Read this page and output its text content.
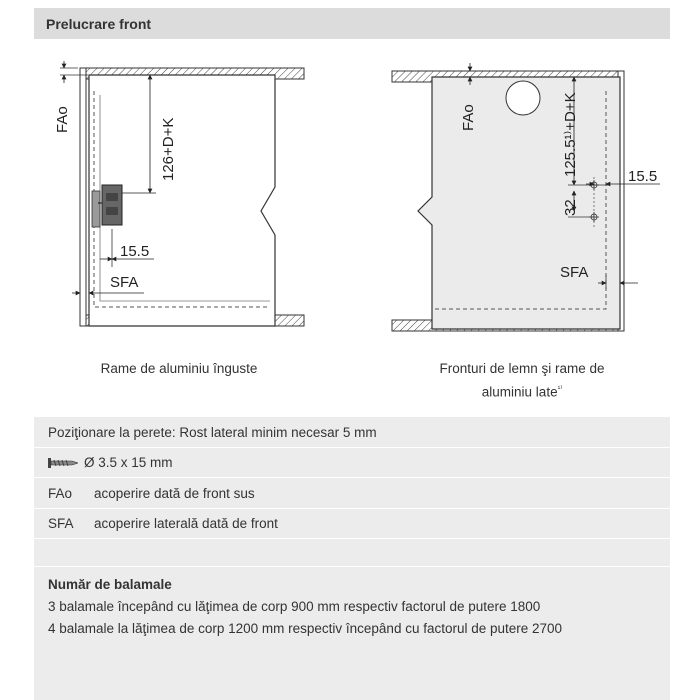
Prelucrare front
FAo	126+D+K
15.5
SFA
FAo	125.5¹⁾+D+K
32
15.5
SFA
Rame de aluminiu înguste	Fronturi de lemn şi rame de
aluminiu late$^{^{1)}}$
Poziţionare la perete: Rost lateral minim necesar 5 mm
Ø 3.5 x 15 mm
FAo acoperire dată de front sus
SFA acoperire laterală dată de front
Număr de balamale
3 balamale începând cu lăţimea de corp 900 mm respectiv factorul de putere 1800
4 balamale la lăţimea de corp 1200 mm respectiv începând cu factorul de putere 2700
